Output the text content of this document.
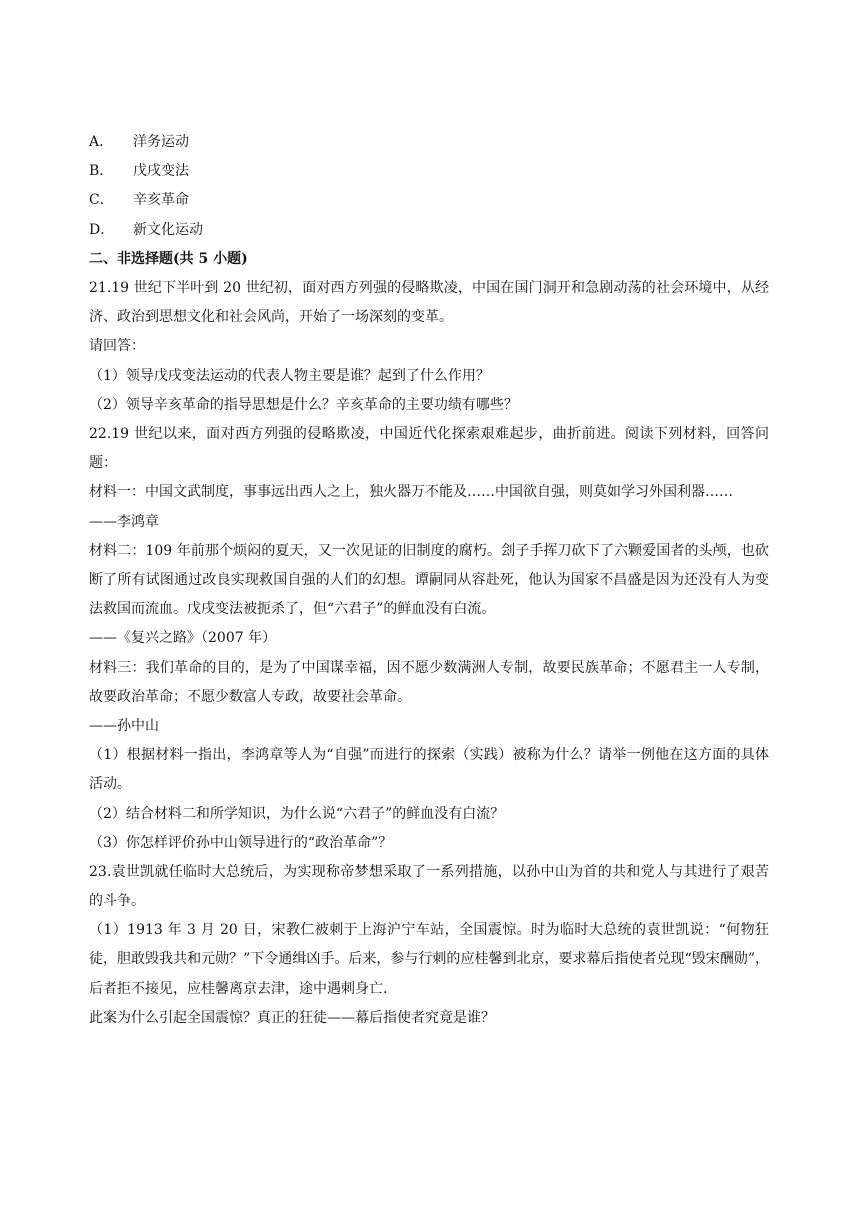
A．	洋务运动
B．	戊戌变法
C．	辛亥革命
D．	新文化运动
二、非选择题(共 5 小题)
21.19 世纪下半叶到 20 世纪初，面对西方列强的侵略欺凌，中国在国门洞开和急剧动荡的社会环境中，从经济、政治到思想文化和社会风尚，开始了一场深刻的变革。
请回答：
（1）领导戊戌变法运动的代表人物主要是谁？起到了什么作用？
（2）领导辛亥革命的指导思想是什么？辛亥革命的主要功绩有哪些？
22.19 世纪以来，面对西方列强的侵略欺凌，中国近代化探索艰难起步，曲折前进。阅读下列材料，回答问题：
材料一：中国文武制度，事事远出西人之上，独火器万不能及……中国欲自强，则莫如学习外国利器……
——李鸿章
材料二：109 年前那个烦闷的夏天，又一次见证的旧制度的腐朽。刽子手挥刀砍下了六颗爱国者的头颅，也砍断了所有试图通过改良实现救国自强的人们的幻想。谭嗣同从容赴死，他认为国家不昌盛是因为还没有人为变法救国而流血。戊戌变法被扼杀了，但“六君子”的鲜血没有白流。
——《复兴之路》（2007 年）
材料三：我们革命的目的，是为了中国谋幸福，因不愿少数满洲人专制，故要民族革命；不愿君主一人专制，故要政治革命；不愿少数富人专政，故要社会革命。
——孙中山
（1）根据材料一指出，李鸿章等人为“自强”而进行的探索（实践）被称为什么？请举一例他在这方面的具体活动。
（2）结合材料二和所学知识，为什么说“六君子”的鲜血没有白流？
（3）你怎样评价孙中山领导进行的“政治革命”？
23.袁世凯就任临时大总统后，为实现称帝梦想采取了一系列措施，以孙中山为首的共和党人与其进行了艰苦的斗争。
（1）1913 年 3 月 20 日，宋教仁被刺于上海沪宁车站，全国震惊。时为临时大总统的袁世凯说：“何物狂徒，胆敢毁我共和元勋？”下令通缉凶手。后来，参与行刺的应桂馨到北京，要求幕后指使者兑现“毁宋酬勋”，后者拒不接见，应桂馨离京去津，途中遇刺身亡.
此案为什么引起全国震惊？真正的狂徒——幕后指使者究竟是谁？
